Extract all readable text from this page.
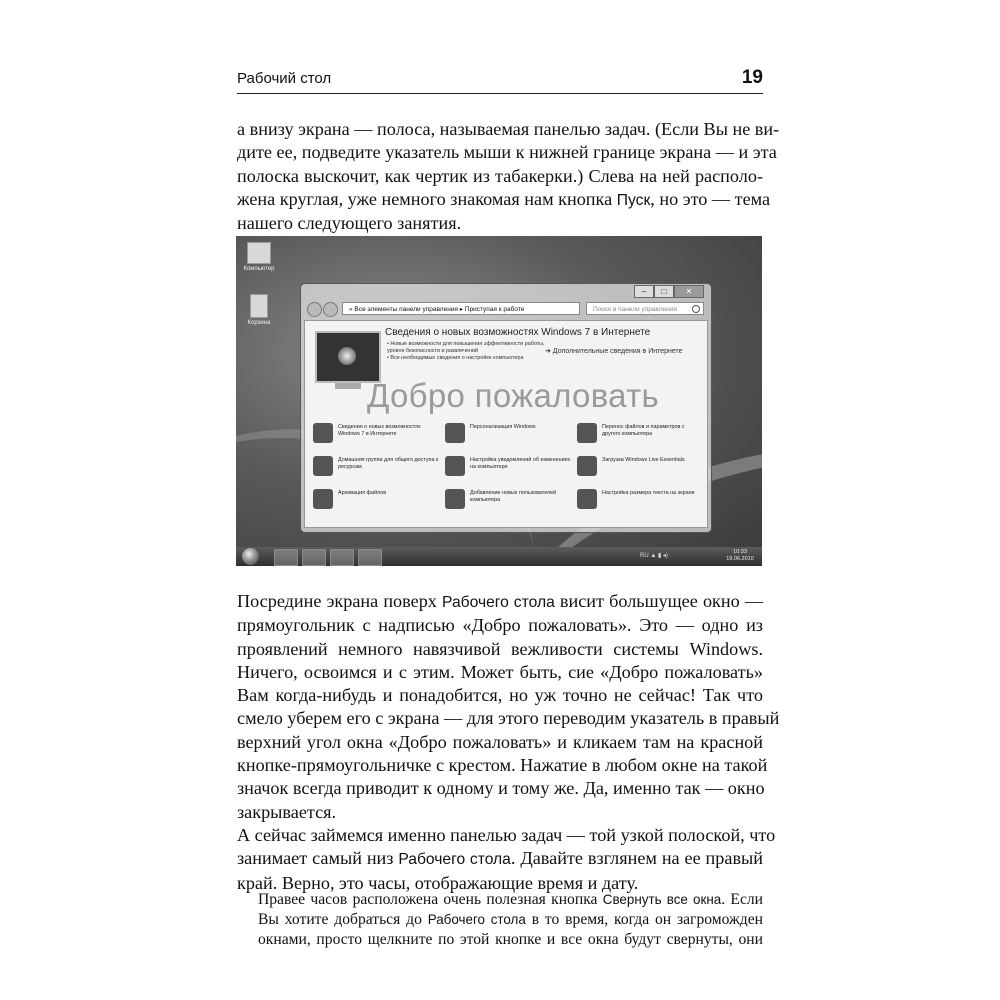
Рабочий стол	19

а внизу экрана — полоса, называемая панелью задач. (Если Вы не ви-
дите ее, подведите указатель мыши к нижней границе экрана — и эта
полоска выскочит, как чертик из табакерки.) Слева на ней располо-
жена круглая, уже немного знакомая нам кнопка Пуск, но это — тема
нашего следующего занятия.

Компьютер
Корзина
–	□	✕
» Все элементы панели управления ▸ Приступая к работе	Поиск в панели управления
Сведения о новых возможностях Windows 7 в Интернете
• Новые возможности для повышения эффективности работы, уровня безопасности и развлечений
• Все необходимые сведения о настройке компьютера
➜ Дополнительные сведения в Интернете
Добро пожаловать
Сведения о новых возможностях Windows 7 в Интернете
Персонализация Windows	Перенос файлов и параметров с другого компьютера
Домашняя группа для общего доступа к ресурсам
Настройка уведомлений об изменениях на компьютере
Загрузка Windows Live Essentials
Архивация файлов	Добавление новых пользователей компьютера
Настройка размера текста на экране
RU ▲ ▮ ◂)
10:33
19.06.2010

Посредине экрана поверх Рабочего стола висит большущее окно —
прямоугольник с надписью «Добро пожаловать». Это — одно из
проявлений немного навязчивой вежливости системы Windows.
Ничего, освоимся и с этим. Может быть, сие «Добро пожаловать»
Вам когда-нибудь и понадобится, но уж точно не сейчас! Так что
смело уберем его с экрана — для этого переводим указатель в правый
верхний угол окна «Добро пожаловать» и кликаем там на красной
кнопке-прямоугольничке с крестом. Нажатие в любом окне на такой
значок всегда приводит к одному и тому же. Да, именно так — окно
закрывается.

А сейчас займемся именно панелью задач — той узкой полоской, что
занимает самый низ Рабочего стола. Давайте взглянем на ее правый
край. Верно, это часы, отображающие время и дату.

Правее часов расположена очень полезная кнопка Свернуть все окна. Если
Вы хотите добраться до Рабочего стола в то время, когда он загроможден
окнами, просто щелкните по этой кнопке и все окна будут свернуты, они
